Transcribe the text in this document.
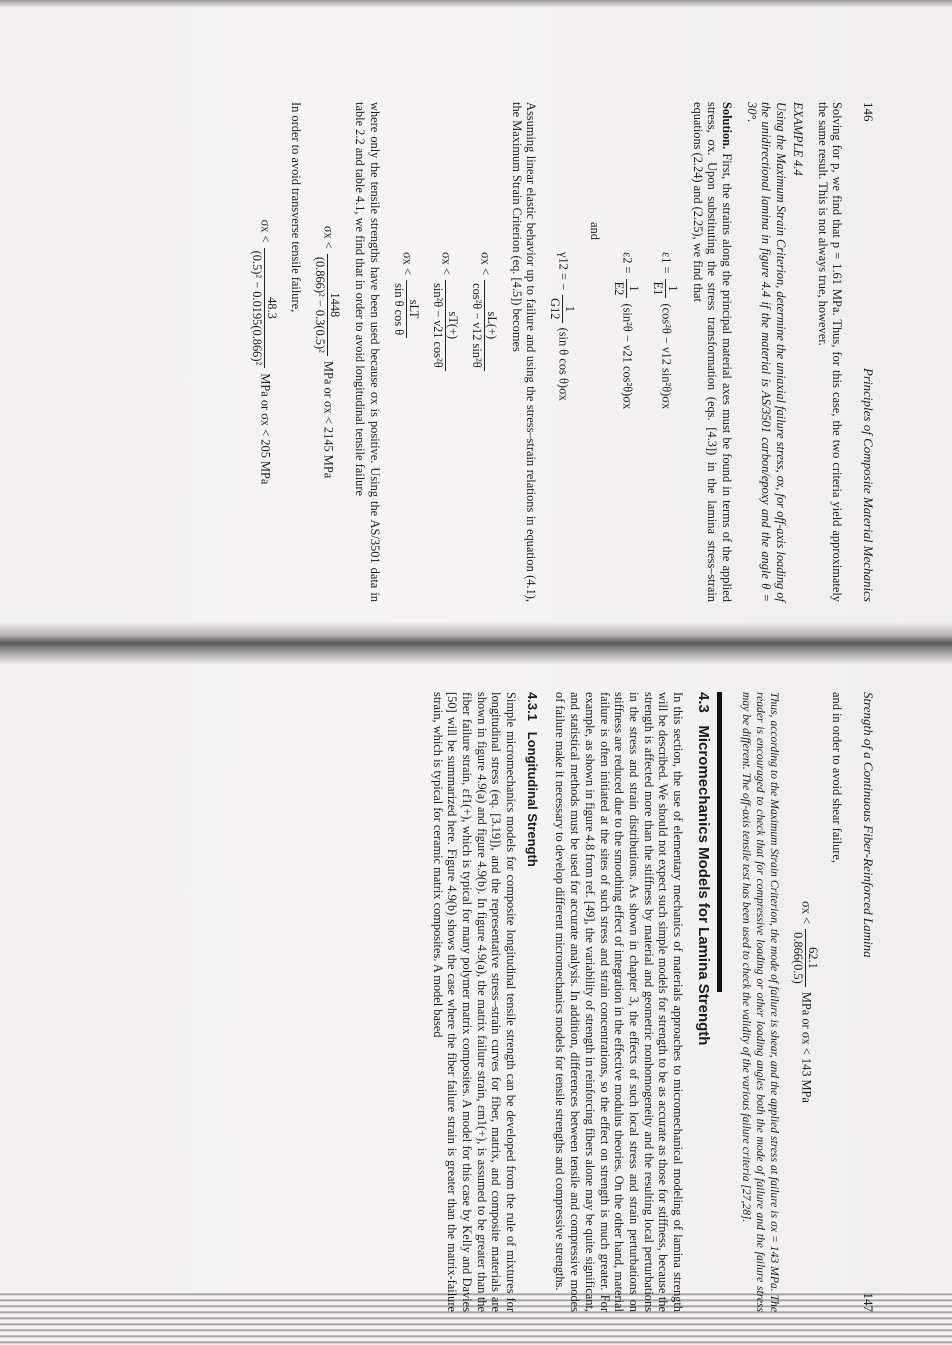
146
Principles of Composite Material Mechanics

Solving for p, we find that p = 1.61 MPa. Thus, for this case, the two criteria yield approximately the same result. This is not always true, however.

EXAMPLE 4.4

Using the Maximum Strain Criterion, determine the uniaxial failure stress, σx, for off-axis loading of the unidirectional lamina in figure 4.4 if the material is AS/3501 carbon/epoxy and the angle θ = 30°.

Solution. First, the strains along the principal material axes must be found in terms of the applied stress, σx. Upon substituting the stress transformation (eqs. [4.3]) in the lamina stress–strain equations (2.24) and (2.25), we find that

ε1 =
1
E1
(cos²θ − ν12 sin²θ)σx
ε2 =
1
E2
(sin²θ − ν21 cos²θ)σx
and
γ12 = −
1
G12
(sin θ cos θ)σx

Assuming linear elastic behavior up to failure and using the stress–strain relations in equation (4.1), the Maximum Strain Criterion (eq. [4.5]) becomes

σx <
sL(+)
cos²θ − ν12 sin²θ
σx <
sT(+)
sin²θ − ν21 cos²θ
σx <
sLT
sin θ cos θ

where only the tensile strengths have been used because σx is positive. Using the AS/3501 data in table 2.2 and table 4.1, we find that in order to avoid longitudinal tensile failure

σx <
1448
(0.866)² − 0.3(0.5)²
MPa or σx < 2145 MPa

In order to avoid transverse tensile failure,

σx <
48.3
(0.5)² − 0.0195(0.866)²
MPa or σx < 205 MPa
Strength of a Continuous Fiber-Reinforced Lamina
147

and in order to avoid shear failure,

σx <
62.1
0.866(0.5)
MPa or σx < 143 MPa

Thus, according to the Maximum Strain Criterion, the mode of failure is shear, and the applied stress at failure is σx = 143 MPa. The reader is encouraged to check that for compressive loading or other loading angles both the mode of failure and the failure stress may be different. The off-axis tensile test has been used to check the validity of the various failure criteria [27,28].

4.3   Micromechanics Models for Lamina Strength

In this section, the use of elementary mechanics of materials approaches to micromechanical modeling of lamina strength will be described. We should not expect such simple models for strength to be as accurate as those for stiffness, because the strength is affected more than the stiffness by material and geometric nonhomogeneity and the resulting local perturbations in the stress and strain distributions. As shown in chapter 3, the effects of such local stress and strain perturbations on stiffness are reduced due to the smoothing effect of integration in the effective modulus theories. On the other hand, material failure is often initiated at the sites of such stress and strain concentrations, so the effect on strength is much greater. For example, as shown in figure 4.8 from ref. [49], the variability of strength in reinforcing fibers alone may be quite significant, and statistical methods must be used for accurate analysis. In addition, differences between tensile and compressive modes of failure make it necessary to develop different micromechanics models for tensile strengths and compressive strengths.

4.3.1   Longitudinal Strength

Simple micromechanics models for composite longitudinal tensile strength can be developed from the rule of mixtures for longitudinal stress (eq. [3.19]), and the representative stress–strain curves for fiber, matrix, and composite materials are shown in figure 4.9(a) and figure 4.9(b). In figure 4.9(a), the matrix failure strain, εm1(+), is assumed to be greater than the fiber failure strain, εf1(+), which is typical for many polymer matrix composites. A model for this case by Kelly and Davies [50] will be summarized here. Figure 4.9(b) shows the case where the fiber failure strain is greater than the matrix-failure strain, which is typical for ceramic matrix composites. A model based
